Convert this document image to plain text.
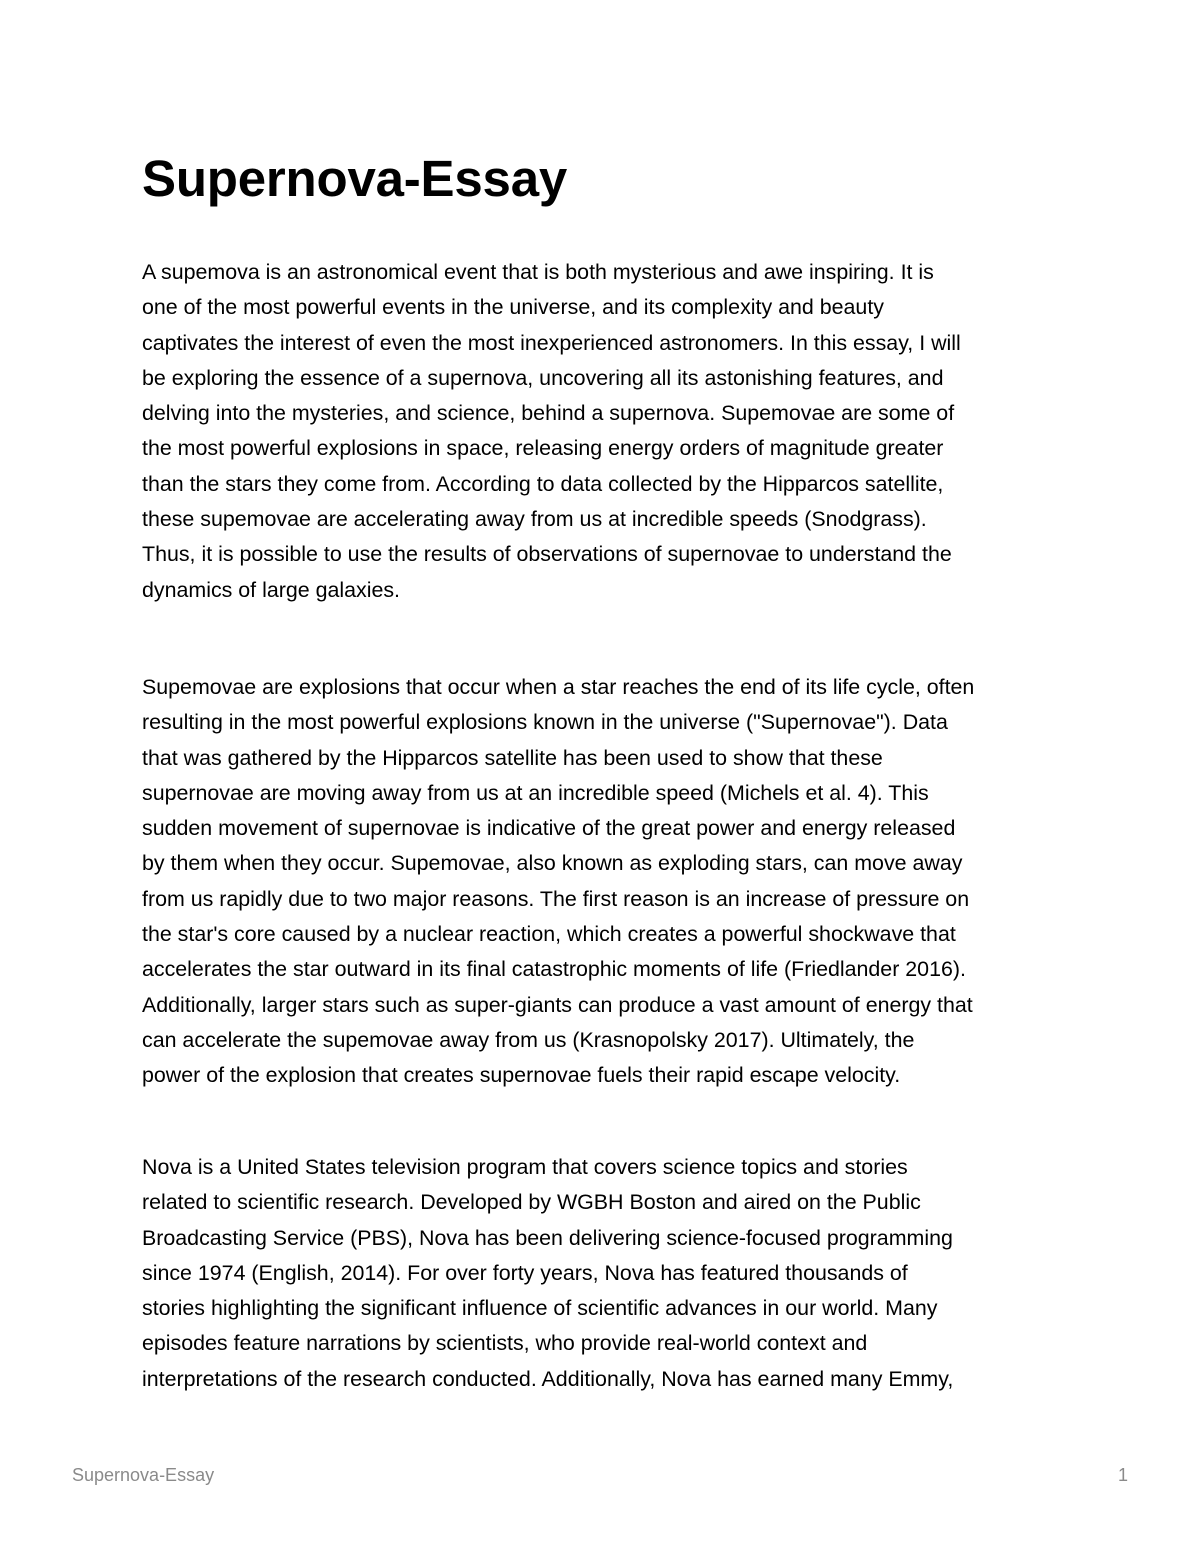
Supernova-Essay

A supemova is an astronomical event that is both mysterious and awe inspiring. It is
one of the most powerful events in the universe, and its complexity and beauty
captivates the interest of even the most inexperienced astronomers. In this essay, I will
be exploring the essence of a supernova, uncovering all its astonishing features, and
delving into the mysteries, and science, behind a supernova. Supemovae are some of
the most powerful explosions in space, releasing energy orders of magnitude greater
than the stars they come from. According to data collected by the Hipparcos satellite,
these supemovae are accelerating away from us at incredible speeds (Snodgrass).
Thus, it is possible to use the results of observations of supernovae to understand the
dynamics of large galaxies.

Supemovae are explosions that occur when a star reaches the end of its life cycle, often
resulting in the most powerful explosions known in the universe ("Supernovae"). Data
that was gathered by the Hipparcos satellite has been used to show that these
supernovae are moving away from us at an incredible speed (Michels et al. 4). This
sudden movement of supernovae is indicative of the great power and energy released
by them when they occur. Supemovae, also known as exploding stars, can move away
from us rapidly due to two major reasons. The first reason is an increase of pressure on
the star's core caused by a nuclear reaction, which creates a powerful shockwave that
accelerates the star outward in its final catastrophic moments of life (Friedlander 2016).
Additionally, larger stars such as super-giants can produce a vast amount of energy that
can accelerate the supemovae away from us (Krasnopolsky 2017). Ultimately, the
power of the explosion that creates supernovae fuels their rapid escape velocity.

Nova is a United States television program that covers science topics and stories
related to scientific research. Developed by WGBH Boston and aired on the Public
Broadcasting Service (PBS), Nova has been delivering science-focused programming
since 1974 (English, 2014). For over forty years, Nova has featured thousands of
stories highlighting the significant influence of scientific advances in our world. Many
episodes feature narrations by scientists, who provide real-world context and
interpretations of the research conducted. Additionally, Nova has earned many Emmy,

Supernova-Essay	1
